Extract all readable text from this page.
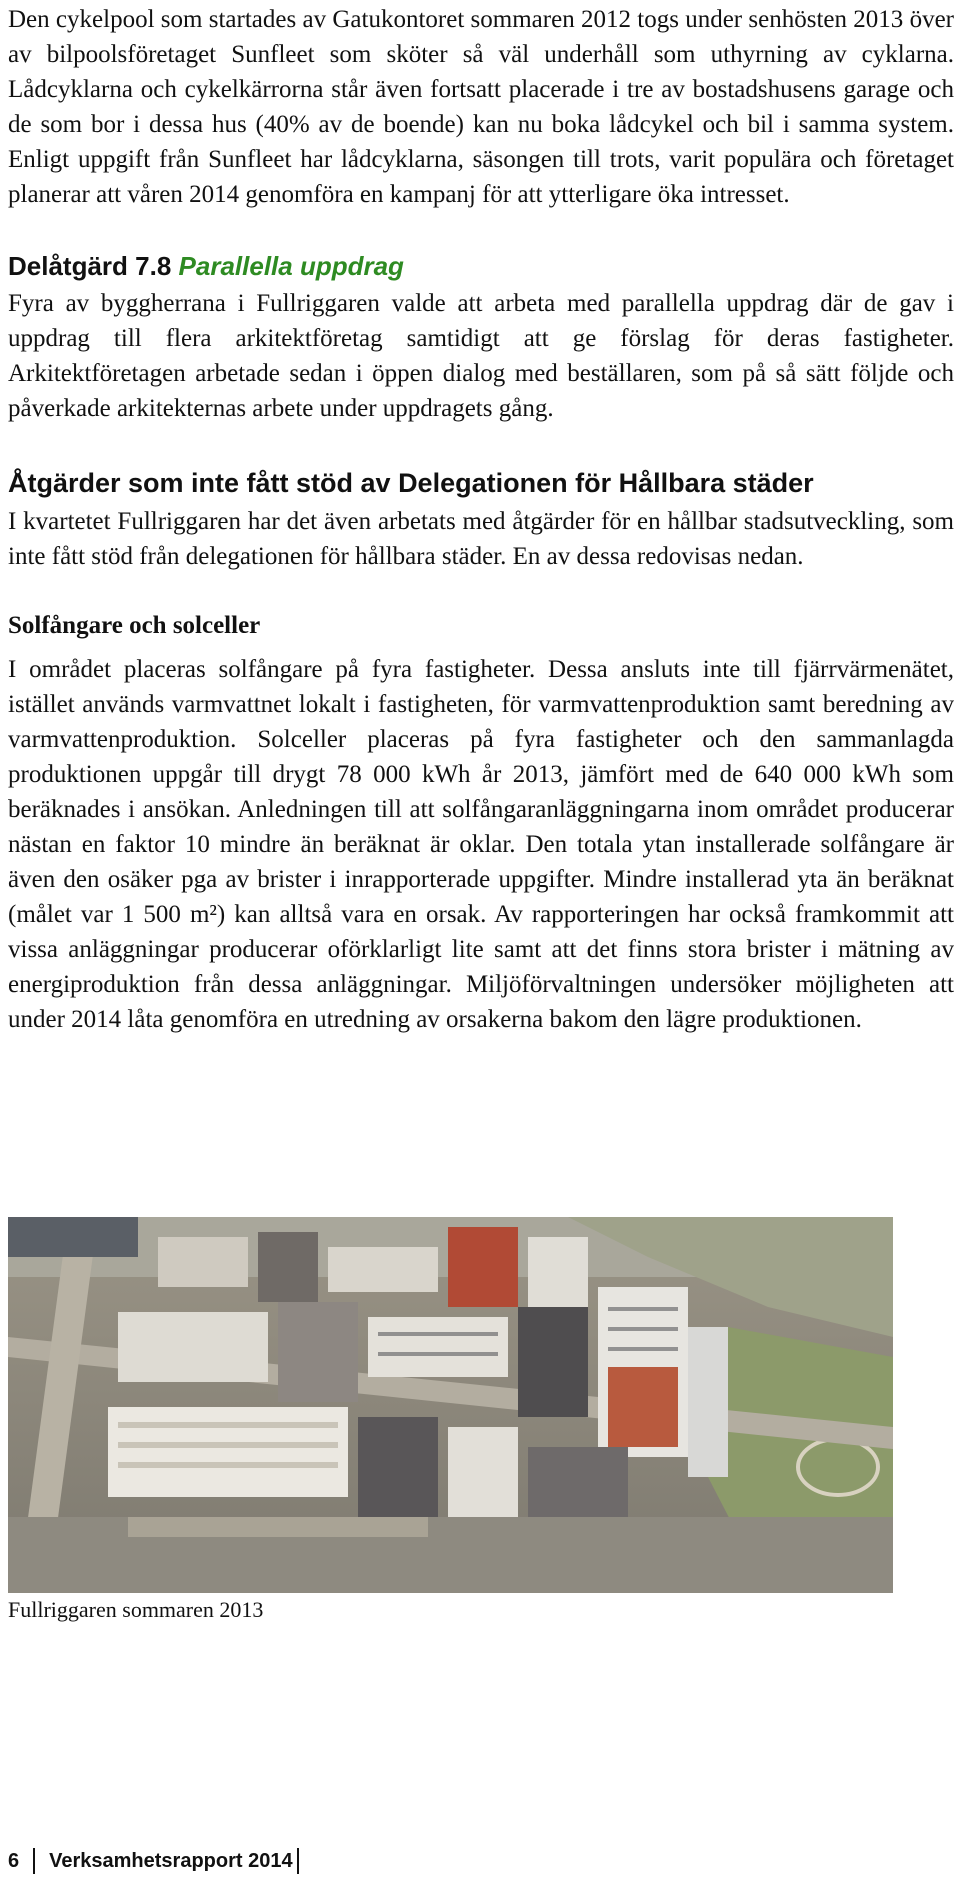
Den cykelpool som startades av Gatukontoret sommaren 2012 togs under senhösten 2013 över av bilpoolsföretaget Sunfleet som sköter så väl underhåll som uthyrning av cyklarna. Lådcyklarna och cykelkärrorna står även fortsatt placerade i tre av bostadshusens garage och de som bor i dessa hus (40% av de boende) kan nu boka lådcykel och bil i samma system. Enligt uppgift från Sunfleet har lådcyklarna, säsongen till trots, varit populära och företaget planerar att våren 2014 genomföra en kampanj för att ytterligare öka intresset.

Delåtgärd 7.8 Parallella uppdrag

Fyra av byggherrana i Fullriggaren valde att arbeta med parallella uppdrag där de gav i uppdrag till flera arkitektföretag samtidigt att ge förslag för deras fastigheter. Arkitektföretagen arbetade sedan i öppen dialog med beställaren, som på så sätt följde och påverkade arkitekternas arbete under uppdragets gång.

Åtgärder som inte fått stöd av Delegationen för Hållbara städer

I kvartetet Fullriggaren har det även arbetats med åtgärder för en hållbar stadsutveckling, som inte fått stöd från delegationen för hållbara städer. En av dessa redovisas nedan.

Solfångare och solceller

I området placeras solfångare på fyra fastigheter. Dessa ansluts inte till fjärrvärmenätet, istället används varmvattnet lokalt i fastigheten, för varmvattenproduktion samt beredning av varmvattenproduktion. Solceller placeras på fyra fastigheter och den sammanlagda produktionen uppgår till drygt 78 000 kWh år 2013, jämfört med de 640 000 kWh som beräknades i ansökan. Anledningen till att solfångaranläggningarna inom området producerar nästan en faktor 10 mindre än beräknat är oklar. Den totala ytan installerade solfångare är även den osäker pga av brister i inrapporterade uppgifter. Mindre installerad yta än beräknat (målet var 1 500 m²) kan alltså vara en orsak. Av rapporteringen har också framkommit att vissa anläggningar producerar oförklarligt lite samt att det finns stora brister i mätning av energiproduktion från dessa anläggningar. Miljöförvaltningen undersöker möjligheten att under 2014 låta genomföra en utredning av orsakerna bakom den lägre produktionen.

Fullriggaren sommaren 2013
6 Verksamhetsrapport 2014
